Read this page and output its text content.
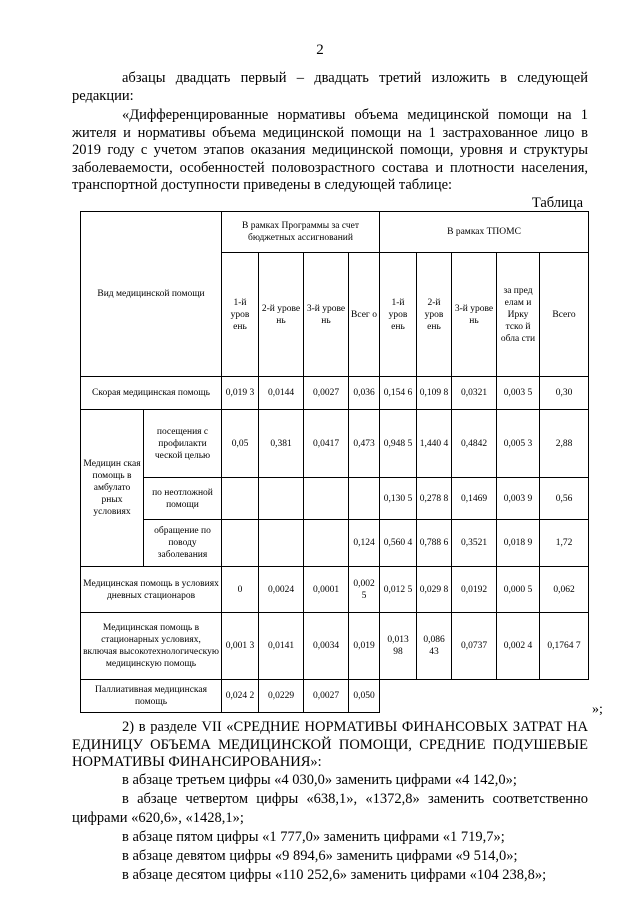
2
абзацы двадцать первый – двадцать третий изложить в следующей редакции:
«Дифференцированные нормативы объема медицинской помощи на 1 жителя и нормативы объема медицинской помощи на 1 застрахованное лицо в 2019 году с учетом этапов оказания медицинской помощи, уровня и структуры заболеваемости, особенностей половозрастного состава и плотности населения, транспортной доступности приведены в следующей таблице:
Таблица
Вид медицинской помощи		В рамках Программы за счет бюджетных ассигнований				В рамках ТПОМС				
		1-й уров ень	2-й урове нь	3-й урове нь	Всег о	1-й уров ень	2-й уров ень	3-й урове нь	за пред елам и Ирку тско й обла сти	Всего
Скорая медицинская помощь		0,019 3	0,0144	0,0027	0,036	0,154 6	0,109 8	0,0321	0,003 5	0,30
Медицин ская помощь в амбулато рных условиях	посещения с профилакти ческой целью	0,05	0,381	0,0417	0,473	0,948 5	1,440 4	0,4842	0,005 3	2,88
	по неотложной помощи					0,130 5	0,278 8	0,1469	0,003 9	0,56
	обращение по поводу заболевания				0,124	0,560 4	0,788 6	0,3521	0,018 9	1,72
Медицинская помощь в условиях дневных стационаров		0	0,0024	0,0001	0,002 5	0,012 5	0,029 8	0,0192	0,000 5	0,062
Медицинская помощь в стационарных условиях, включая высокотехнологическую медицинскую помощь		0,001 3	0,0141	0,0034	0,019	0,013 98	0,086 43	0,0737	0,002 4	0,1764 7
Паллиативная медицинская помощь		0,024 2	0,0229	0,0027	0,050					
»;
2) в разделе VII «СРЕДНИЕ НОРМАТИВЫ ФИНАНСОВЫХ ЗАТРАТ НА ЕДИНИЦУ ОБЪЕМА МЕДИЦИНСКОЙ ПОМОЩИ, СРЕДНИЕ ПОДУШЕВЫЕ НОРМАТИВЫ ФИНАНСИРОВАНИЯ»:
в абзаце третьем цифры «4 030,0» заменить цифрами «4 142,0»;
в абзаце четвертом цифры «638,1», «1372,8» заменить соответственно цифрами «620,6», «1428,1»;
в абзаце пятом цифры «1 777,0» заменить цифрами «1 719,7»;
в абзаце девятом цифры «9 894,6» заменить цифрами «9 514,0»;
в абзаце десятом цифры «110 252,6» заменить цифрами «104 238,8»;
